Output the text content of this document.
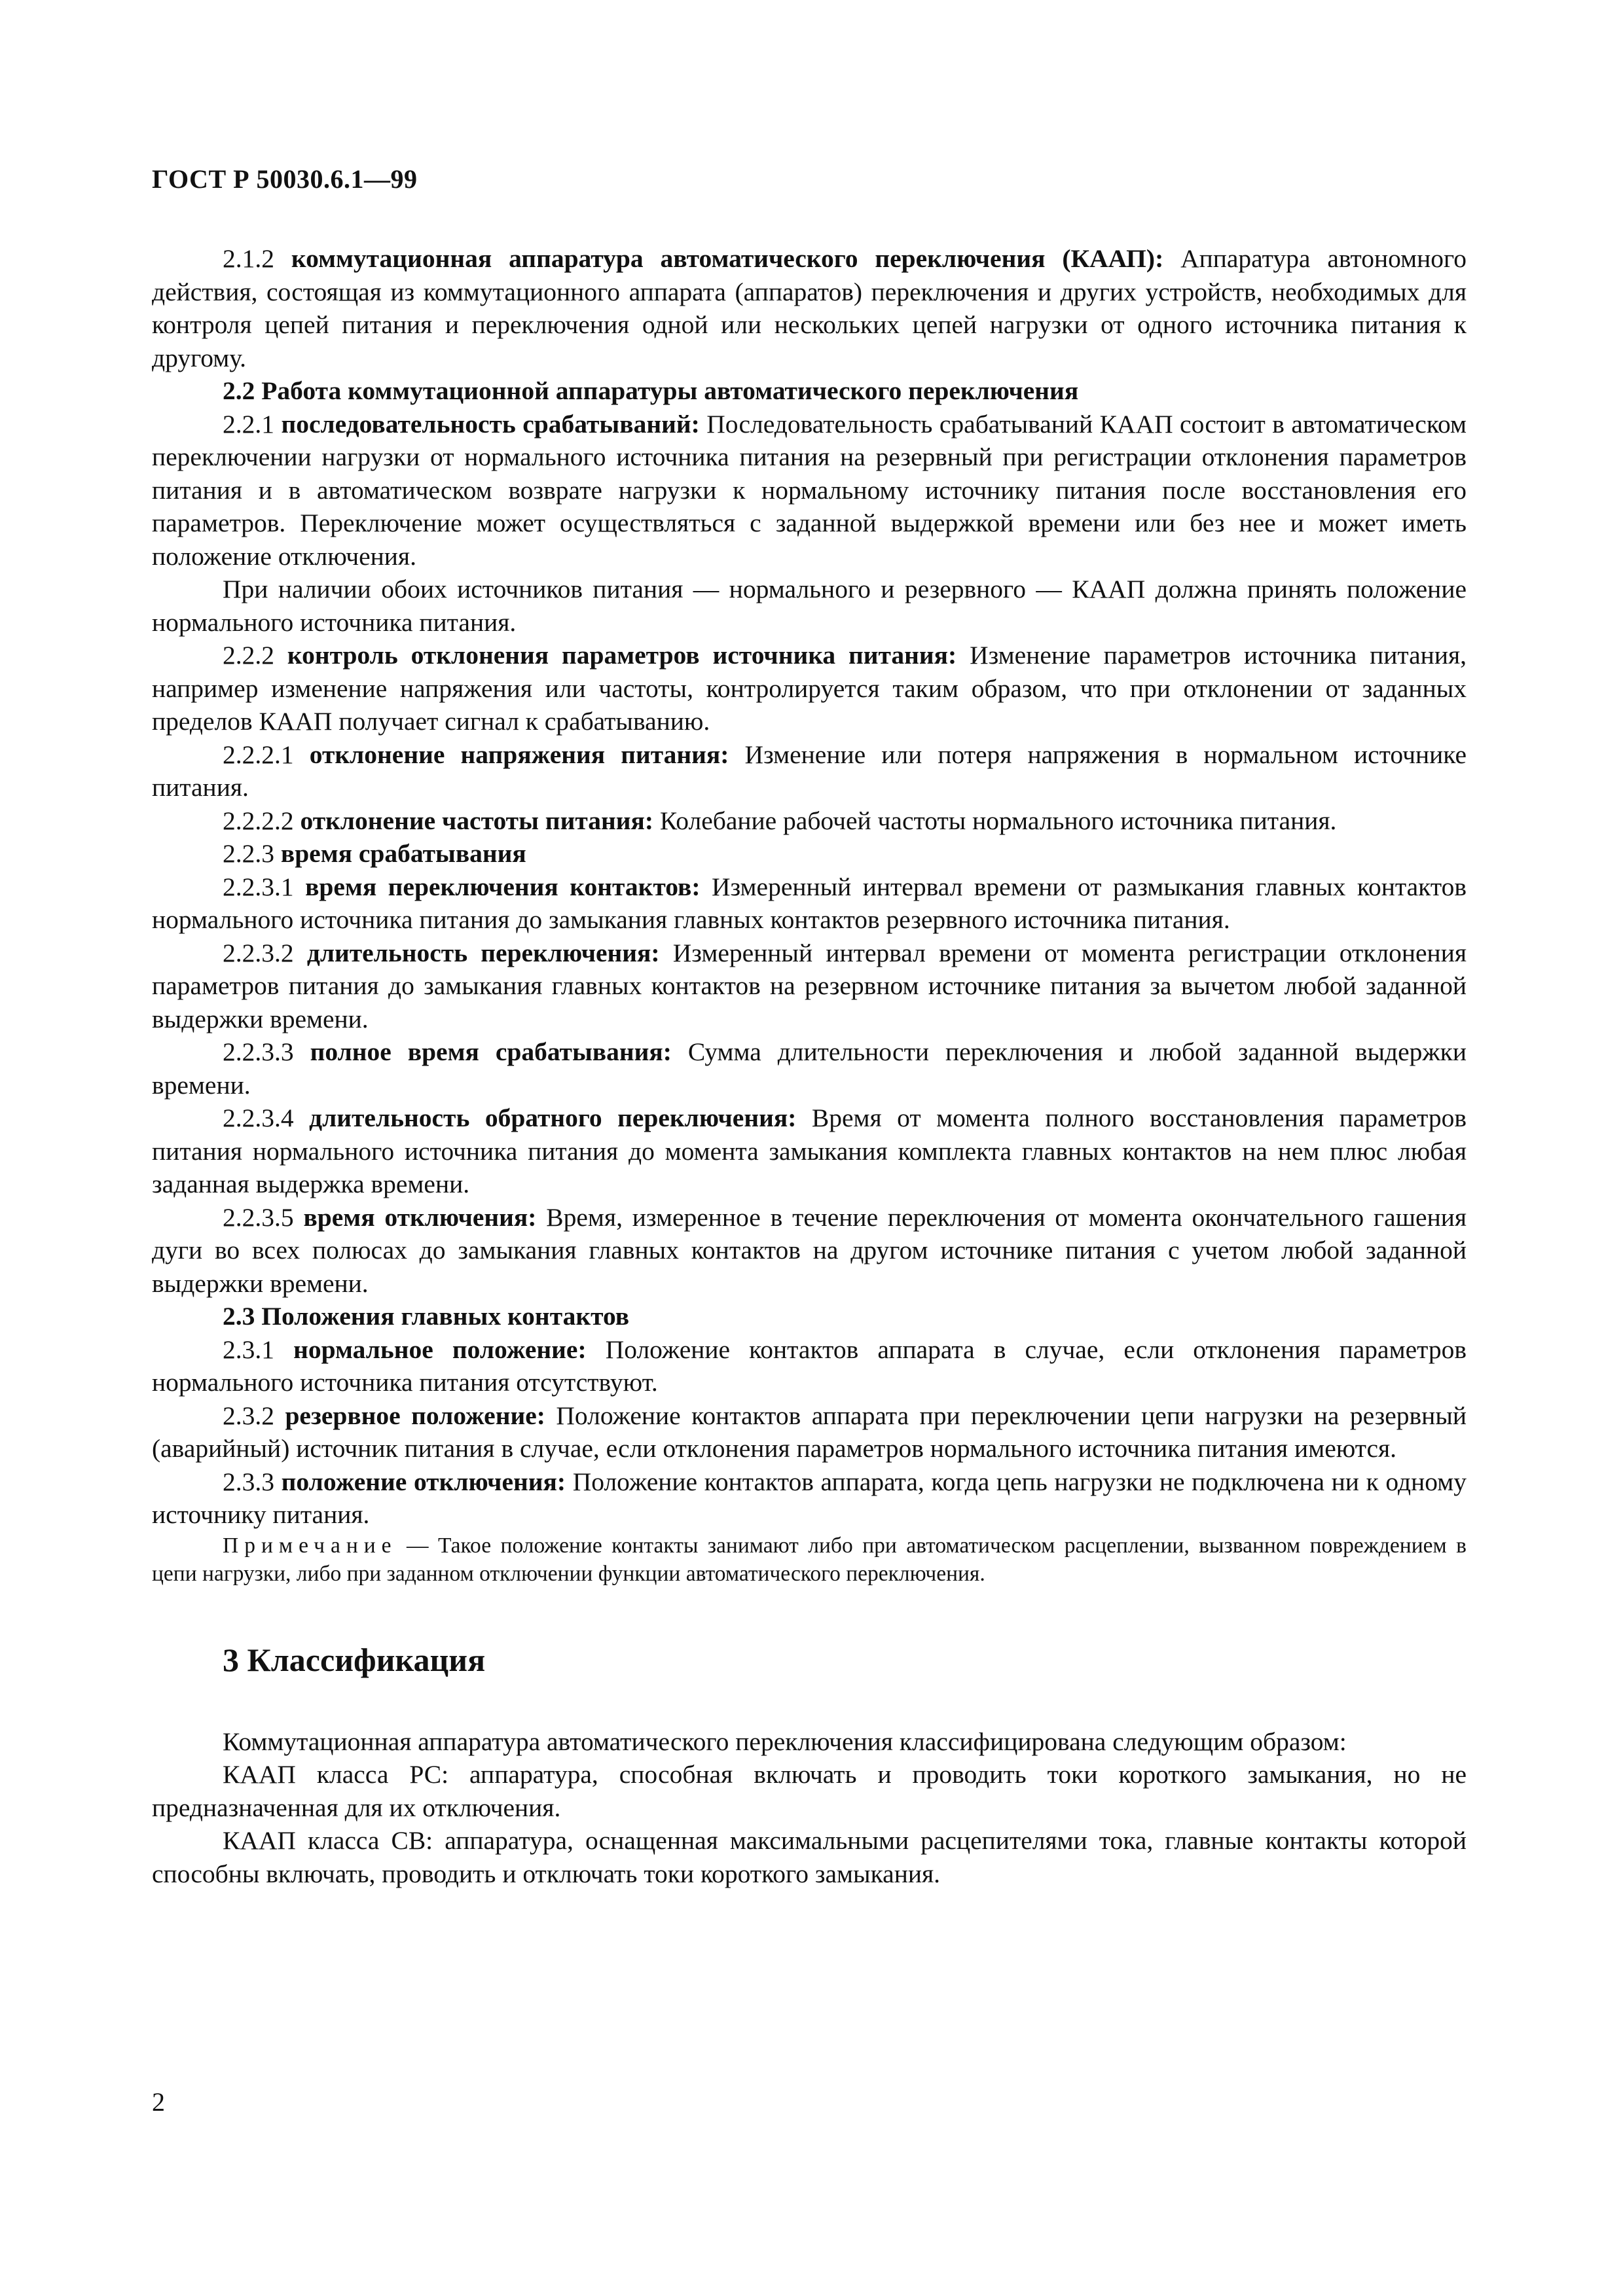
ГОСТ Р 50030.6.1—99

2.1.2 коммутационная аппаратура автоматического переключения (КААП): Аппаратура автономного действия, состоящая из коммутационного аппарата (аппаратов) переключения и других устройств, необходимых для контроля цепей питания и переключения одной или нескольких цепей нагрузки от одного источника питания к другому.

2.2 Работа коммутационной аппаратуры автоматического переключения

2.2.1 последовательность срабатываний: Последовательность срабатываний КААП состоит в автоматическом переключении нагрузки от нормального источника питания на резервный при регистрации отклонения параметров питания и в автоматическом возврате нагрузки к нормальному источнику питания после восстановления его параметров. Переключение может осуществляться с заданной выдержкой времени или без нее и может иметь положение отключения.

При наличии обоих источников питания — нормального и резервного — КААП должна принять положение нормального источника питания.

2.2.2 контроль отклонения параметров источника питания: Изменение параметров источника питания, например изменение напряжения или частоты, контролируется таким образом, что при отклонении от заданных пределов КААП получает сигнал к срабатыванию.

2.2.2.1 отклонение напряжения питания: Изменение или потеря напряжения в нормальном источнике питания.

2.2.2.2 отклонение частоты питания: Колебание рабочей частоты нормального источника питания.

2.2.3 время срабатывания

2.2.3.1 время переключения контактов: Измеренный интервал времени от размыкания главных контактов нормального источника питания до замыкания главных контактов резервного источника питания.

2.2.3.2 длительность переключения: Измеренный интервал времени от момента регистрации отклонения параметров питания до замыкания главных контактов на резервном источнике питания за вычетом любой заданной выдержки времени.

2.2.3.3 полное время срабатывания: Сумма длительности переключения и любой заданной выдержки времени.

2.2.3.4 длительность обратного переключения: Время от момента полного восстановления параметров питания нормального источника питания до момента замыкания комплекта главных контактов на нем плюс любая заданная выдержка времени.

2.2.3.5 время отключения: Время, измеренное в течение переключения от момента окончательного гашения дуги во всех полюсах до замыкания главных контактов на другом источнике питания с учетом любой заданной выдержки времени.

2.3 Положения главных контактов

2.3.1 нормальное положение: Положение контактов аппарата в случае, если отклонения параметров нормального источника питания отсутствуют.

2.3.2 резервное положение: Положение контактов аппарата при переключении цепи нагрузки на резервный (аварийный) источник питания в случае, если отклонения параметров нормального источника питания имеются.

2.3.3 положение отключения: Положение контактов аппарата, когда цепь нагрузки не подключена ни к одному источнику питания.

Примечание — Такое положение контакты занимают либо при автоматическом расцеплении, вызванном повреждением в цепи нагрузки, либо при заданном отключении функции автоматического переключения.

3 Классификация

Коммутационная аппаратура автоматического переключения классифицирована следующим образом:

КААП класса РС: аппаратура, способная включать и проводить токи короткого замыкания, но не предназначенная для их отключения.

КААП класса СВ: аппаратура, оснащенная максимальными расцепителями тока, главные контакты которой способны включать, проводить и отключать токи короткого замыкания.

2
